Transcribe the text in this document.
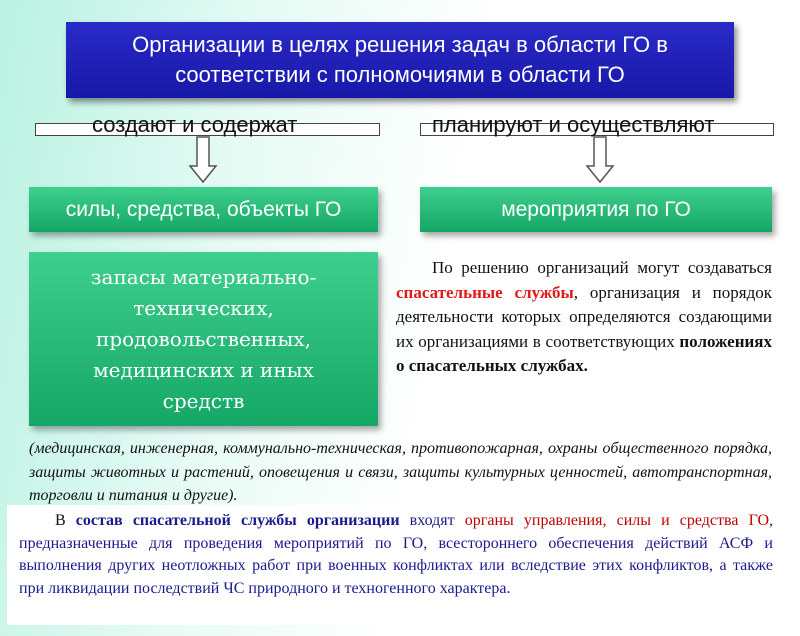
Организации в целях решения задач в области ГО в
соответствии с полномочиями в области ГО
создают и содержат	планируют и осуществляют
силы, средства, объекты ГО	мероприятия по ГО
запасы материально-
технических,
продовольственных,
медицинских и иных
средств
По решению организаций могут создаваться спасательные службы, организация и порядок деятельности которых определяются создающими их организациями в соответствующих положениях о спасательных службах.
(медицинская, инженерная, коммунально-техническая, противопожарная, охраны общественного порядка, защиты животных и растений, оповещения и связи, защиты культурных ценностей, автотранспортная, торговли и питания и другие).
В состав спасательной службы организации входят органы управления, силы и средства ГО, предназначенные для проведения мероприятий по ГО, всестороннего обеспечения действий АСФ и выполнения других неотложных работ при военных конфликтах или вследствие этих конфликтов, а также при ликвидации последствий ЧС природного и техногенного характера.
